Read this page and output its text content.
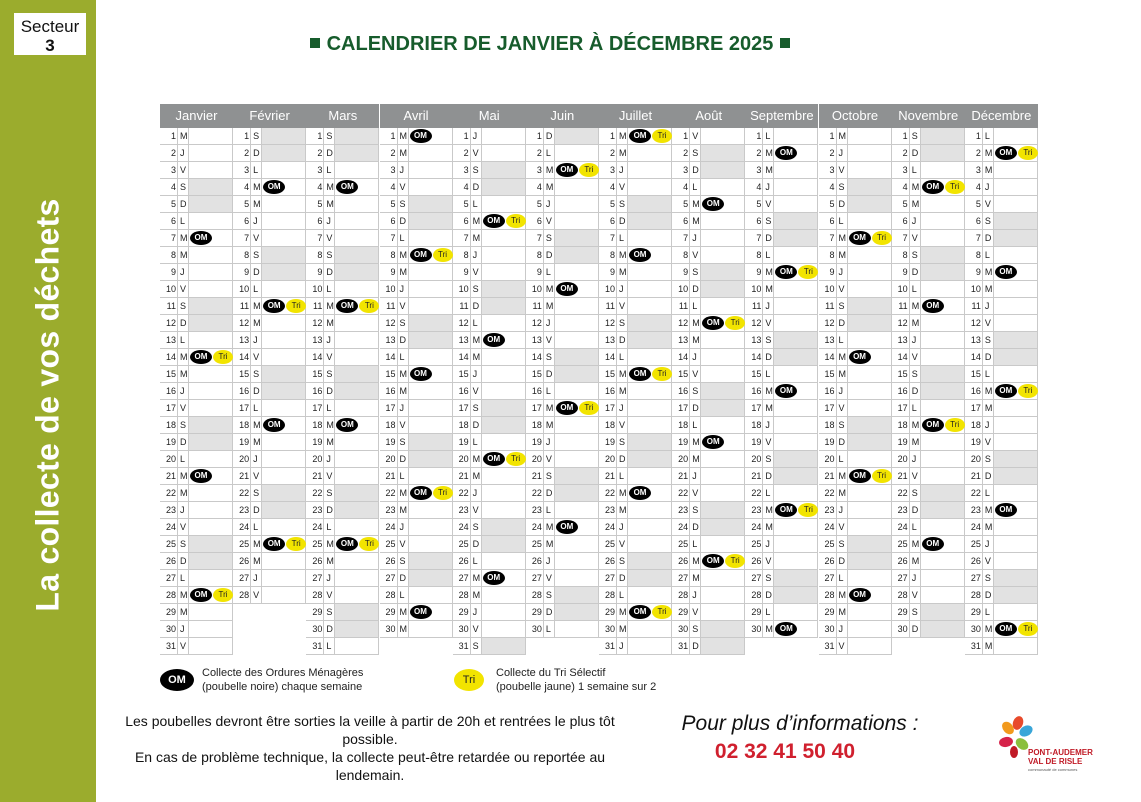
Secteur
3
La collecte de vos déchets
CALENDRIER DE JANVIER À DÉCEMBRE 2025
Janvier
1 M
2 J
3 V
4 S
5 D
6 L
7 M OM
8 M
9 J
10 V
11 S
12 D
13 L
14 M OM	Tri
15 M
16 J
17 V
18 S
19 D
20 L
21 M OM
22 M
23 J
24 V
25 S
26 D
27 L
28 M OM	Tri
29 M
30 J
31 V
Février
1 S
2 D
3 L
4 M OM
5 M
6 J
7 V
8 S
9 D
10 L
11 M OM	Tri
12 M
13 J
14 V
15 S
16 D
17 L
18 M OM
19 M
20 J
21 V
22 S
23 D
24 L
25 M OM	Tri
26 M
27 J
28 V
Mars
1 S
2 D
3 L
4 M OM
5 M
6 J
7 V
8 S
9 D
10 L
11 M OM	Tri
12 M
13 J
14 V
15 S
16 D
17 L
18 M OM
19 M
20 J
21 V
22 S
23 D
24 L
25 M OM	Tri
26 M
27 J
28 V
29 S
30 D
31 L
Avril
1 M OM
2 M
3 J
4 V
5 S
6 D
7 L
8 M OM	Tri
9 M
10 J
11 V
12 S
13 D
14 L
15 M OM
16 M
17 J
18 V
19 S
20 D
21 L
22 M OM	Tri
23 M
24 J
25 V
26 S
27 D
28 L
29 M OM
30 M
Mai
1 J
2 V
3 S
4 D
5 L
6 M OM	Tri
7 M
8 J
9 V
10 S
11 D
12 L
13 M OM
14 M
15 J
16 V
17 S
18 D
19 L
20 M OM	Tri
21 M
22 J
23 V
24 S
25 D
26 L
27 M OM
28 M
29 J
30 V
31 S
Juin
1 D
2 L
3 M OM	Tri
4 M
5 J
6 V
7 S
8 D
9 L
10 M OM
11 M
12 J
13 V
14 S
15 D
16 L
17 M OM	Tri
18 M
19 J
20 V
21 S
22 D
23 L
24 M OM
25 M
26 J
27 V
28 S
29 D
30 L
Juillet
1 M OM	Tri
2 M
3 J
4 V
5 S
6 D
7 L
8 M OM
9 M
10 J
11 V
12 S
13 D
14 L
15 M OM	Tri
16 M
17 J
18 V
19 S
20 D
21 L
22 M OM
23 M
24 J
25 V
26 S
27 D
28 L
29 M OM	Tri
30 M
31 J
Août
1 V
2 S
3 D
4 L
5 M OM
6 M
7 J
8 V
9 S
10 D
11 L
12 M OM	Tri
13 M
14 J
15 V
16 S
17 D
18 L
19 M OM
20 M
21 J
22 V
23 S
24 D
25 L
26 M OM	Tri
27 M
28 J
29 V
30 S
31 D
Septembre
1 L
2 M OM
3 M
4 J
5 V
6 S
7 D
8 L
9 M OM	Tri
10 M
11 J
12 V
13 S
14 D
15 L
16 M OM
17 M
18 J
19 V
20 S
21 D
22 L
23 M OM	Tri
24 M
25 J
26 V
27 S
28 D
29 L
30 M OM
Octobre
1 M
2 J
3 V
4 S
5 D
6 L
7 M OM	Tri
8 M
9 J
10 V
11 S
12 D
13 L
14 M OM
15 M
16 J
17 V
18 S
19 D
20 L
21 M OM	Tri
22 M
23 J
24 V
25 S
26 D
27 L
28 M OM
29 M
30 J
31 V
Novembre
1 S
2 D
3 L
4 M OM	Tri
5 M
6 J
7 V
8 S
9 D
10 L
11 M OM
12 M
13 J
14 V
15 S
16 D
17 L
18 M OM	Tri
19 M
20 J
21 V
22 S
23 D
24 L
25 M OM
26 M
27 J
28 V
29 S
30 D
Décembre
1 L
2 M OM	Tri
3 M
4 J
5 V
6 S
7 D
8 L
9 M OM
10 M
11 J
12 V
13 S
14 D
15 L
16 M OM	Tri
17 M
18 J
19 V
20 S
21 D
22 L
23 M OM
24 M
25 J
26 V
27 S
28 D
29 L
30 M OM	Tri
31 M
OM
Collecte des Ordures Ménagères
(poubelle noire) chaque semaine
Tri
Collecte du Tri Sélectif
(poubelle jaune) 1 semaine sur 2

Les poubelles devront être sorties la veille à partir de 20h et rentrées le plus tôt possible.

En cas de problème technique, la collecte peut-être retardée ou reportée au lendemain.

Pour plus d’informations :
02 32 41 50 40	PONT-AUDEMER
VAL DE RISLE
communauté de communes
